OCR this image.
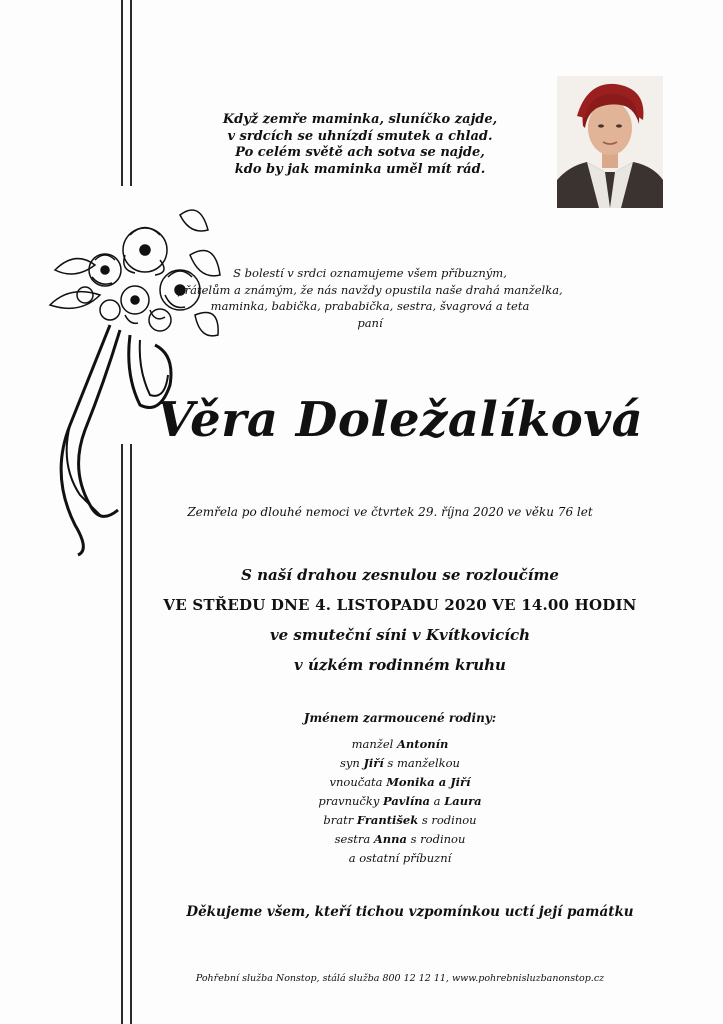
Když zemře maminka, sluníčko zajde,
v srdcích se uhnízdí smutek a chlad.
Po celém světě ach sotva se najde,
kdo by jak maminka uměl mít rád.
S bolestí v srdci oznamujeme všem příbuzným,
přátelům a známým, že nás navždy opustila naše drahá manželka,
maminka, babička, prababička, sestra, švagrová a teta
paní
Věra Doležalíková
Zemřela po dlouhé nemoci ve čtvrtek 29. října 2020 ve věku 76 let
S naší drahou zesnulou se rozloučíme
VE STŘEDU DNE 4. LISTOPADU 2020 VE 14.00 HODIN
ve smuteční síni v Kvítkovicích
v úzkém rodinném kruhu
Jménem zarmoucené rodiny:
manžel Antonín
syn Jiří s manželkou
vnoučata Monika a Jiří
pravnučky Pavlína a Laura
bratr František s rodinou
sestra Anna s rodinou
a ostatní příbuzní
Děkujeme všem, kteří tichou vzpomínkou uctí její památku
Pohřební služba Nonstop, stálá služba 800 12 12 11, www.pohrebnisluzbanonstop.cz
